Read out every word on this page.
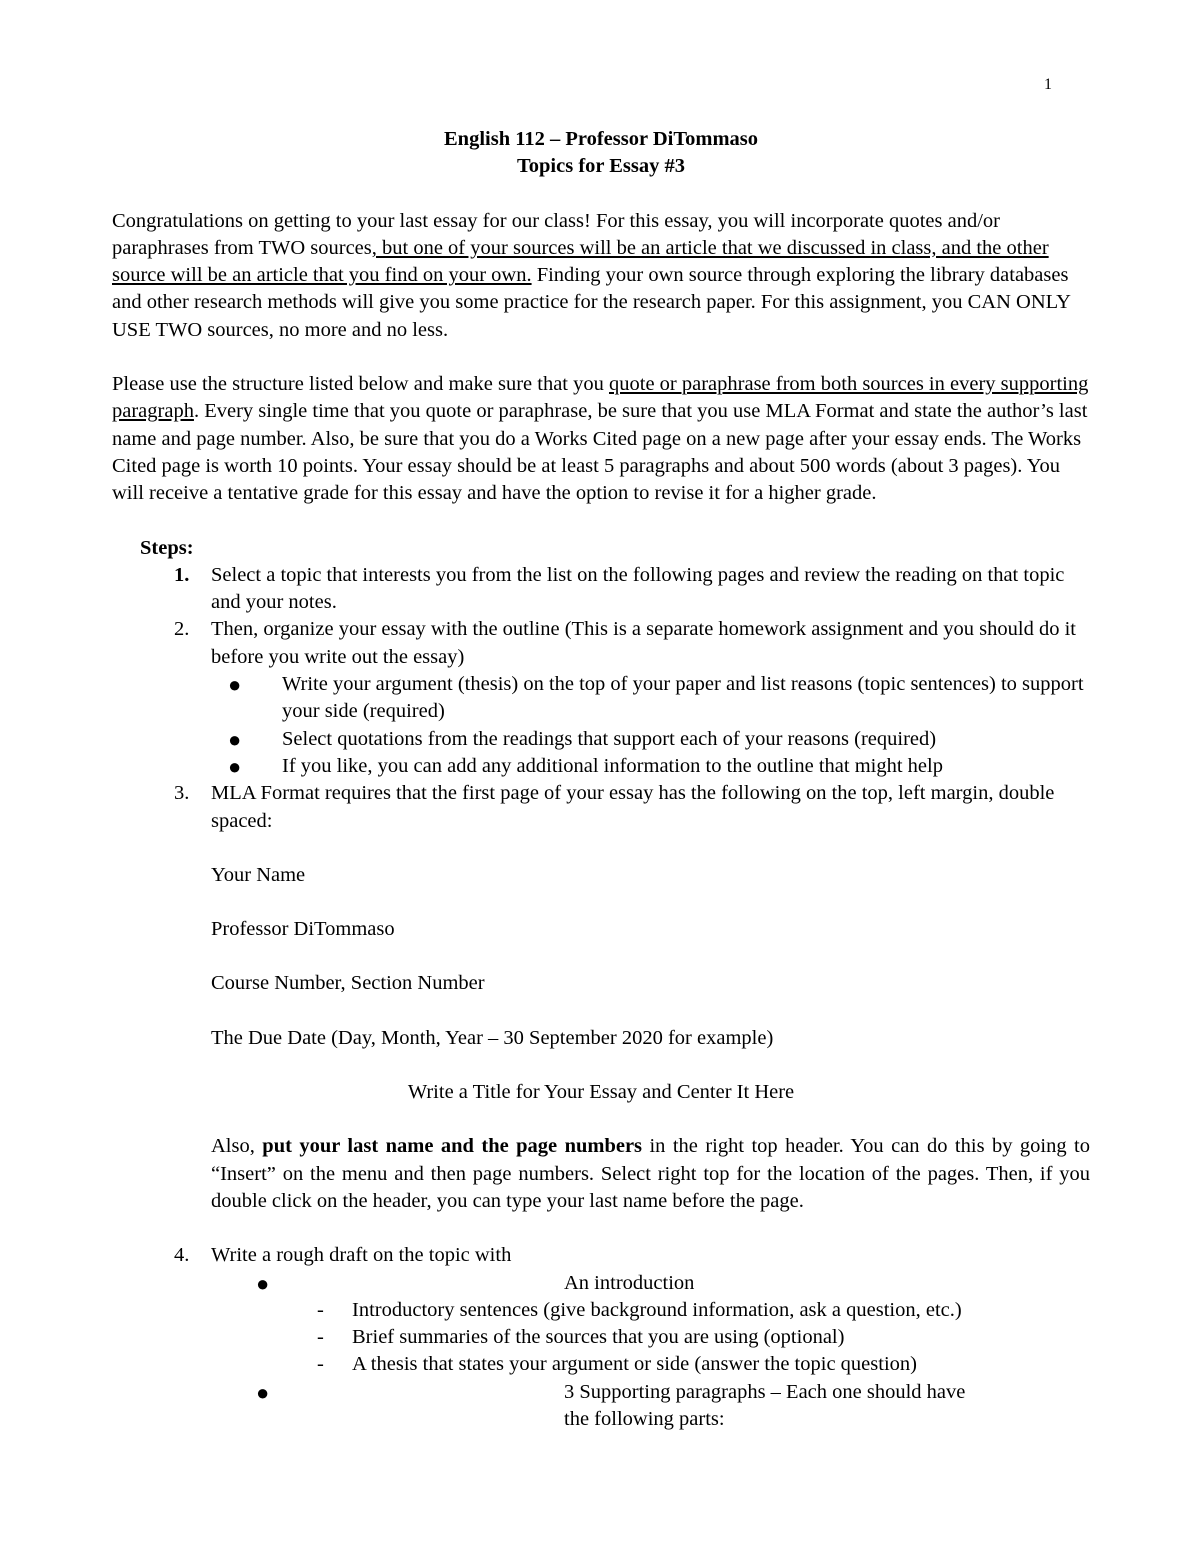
1

English 112 – Professor DiTommaso

Topics for Essay #3

Congratulations on getting to your last essay for our class! For this essay, you will incorporate quotes and/or paraphrases from TWO sources, but one of your sources will be an article that we discussed in class, and the other source will be an article that you find on your own. Finding your own source through exploring the library databases and other research methods will give you some practice for the research paper. For this assignment, you CAN ONLY USE TWO sources, no more and no less.

Please use the structure listed below and make sure that you quote or paraphrase from both sources in every supporting paragraph. Every single time that you quote or paraphrase, be sure that you use MLA Format and state the author’s last name and page number. Also, be sure that you do a Works Cited page on a new page after your essay ends. The Works Cited page is worth 10 points. Your essay should be at least 5 paragraphs and about 500 words (about 3 pages). You will receive a tentative grade for this essay and have the option to revise it for a higher grade.

Steps:

1. Select a topic that interests you from the list on the following pages and review the reading on that topic and your notes.
2. Then, organize your essay with the outline (This is a separate homework assignment and you should do it before you write out the essay)
● Write your argument (thesis) on the top of your paper and list reasons (topic sentences) to support your side (required)
● Select quotations from the readings that support each of your reasons (required)
● If you like, you can add any additional information to the outline that might help
3. MLA Format requires that the first page of your essay has the following on the top, left margin, double spaced:

Your Name

Professor DiTommaso

Course Number, Section Number

The Due Date (Day, Month, Year – 30 September 2020 for example)

Write a Title for Your Essay and Center It Here

Also, put your last name and the page numbers in the right top header. You can do this by going to “Insert” on the menu and then page numbers. Select right top for the location of the pages. Then, if you double click on the header, you can type your last name before the page.

4. Write a rough draft on the topic with
●	An introduction
- Introductory sentences (give background information, ask a question, etc.)
- Brief summaries of the sources that you are using (optional)
- A thesis that states your argument or side (answer the topic question)
●	3 Supporting paragraphs – Each one should have
the following parts:
